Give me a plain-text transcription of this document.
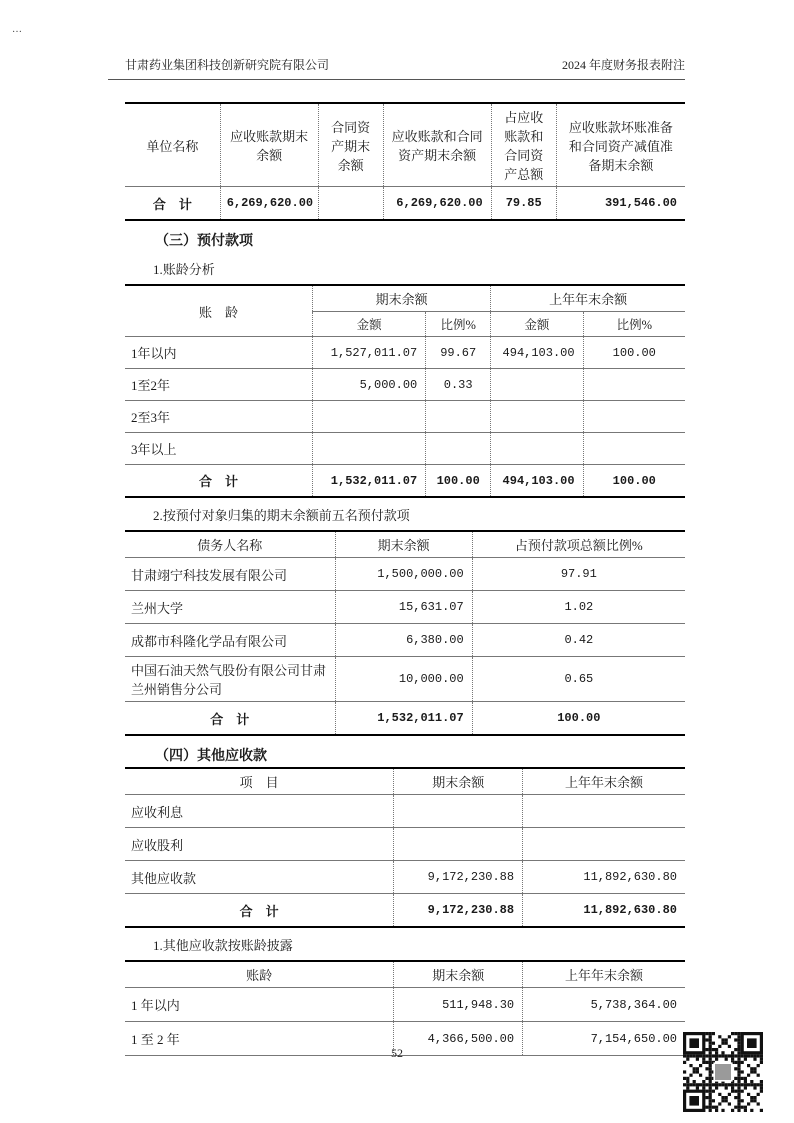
…
甘肃药业集团科技创新研究院有限公司	2024 年度财务报表附注
单位名称	应收账款期末余额	合同资产期末余额	应收账款和合同资产期末余额	占应收账款和合同资产总额	应收账款坏账准备和合同资产减值准备期末余额
合　计	6,269,620.00		6,269,620.00	79.85	391,546.00
（三）预付款项
1.账龄分析
账　龄	期末余额		上年年末余额	
	金额	比例%	金额	比例%
1年以内	1,527,011.07	99.67	494,103.00	100.00
1至2年	5,000.00	0.33		
2至3年				
3年以上				
合　计	1,532,011.07	100.00	494,103.00	100.00
2.按预付对象归集的期末余额前五名预付款项
债务人名称	期末余额	占预付款项总额比例%
甘肃翊宁科技发展有限公司	1,500,000.00	97.91
兰州大学	15,631.07	1.02
成都市科隆化学品有限公司	6,380.00	0.42
中国石油天然气股份有限公司甘肃兰州销售分公司	10,000.00	0.65
合　计	1,532,011.07	100.00
（四）其他应收款
项　目	期末余额	上年年末余额
应收利息		
应收股利		
其他应收款	9,172,230.88	11,892,630.80
合　计	9,172,230.88	11,892,630.80
1.其他应收款按账龄披露
账龄	期末余额	上年年末余额
1 年以内	511,948.30	5,738,364.00
1 至 2 年	4,366,500.00	7,154,650.00
52
